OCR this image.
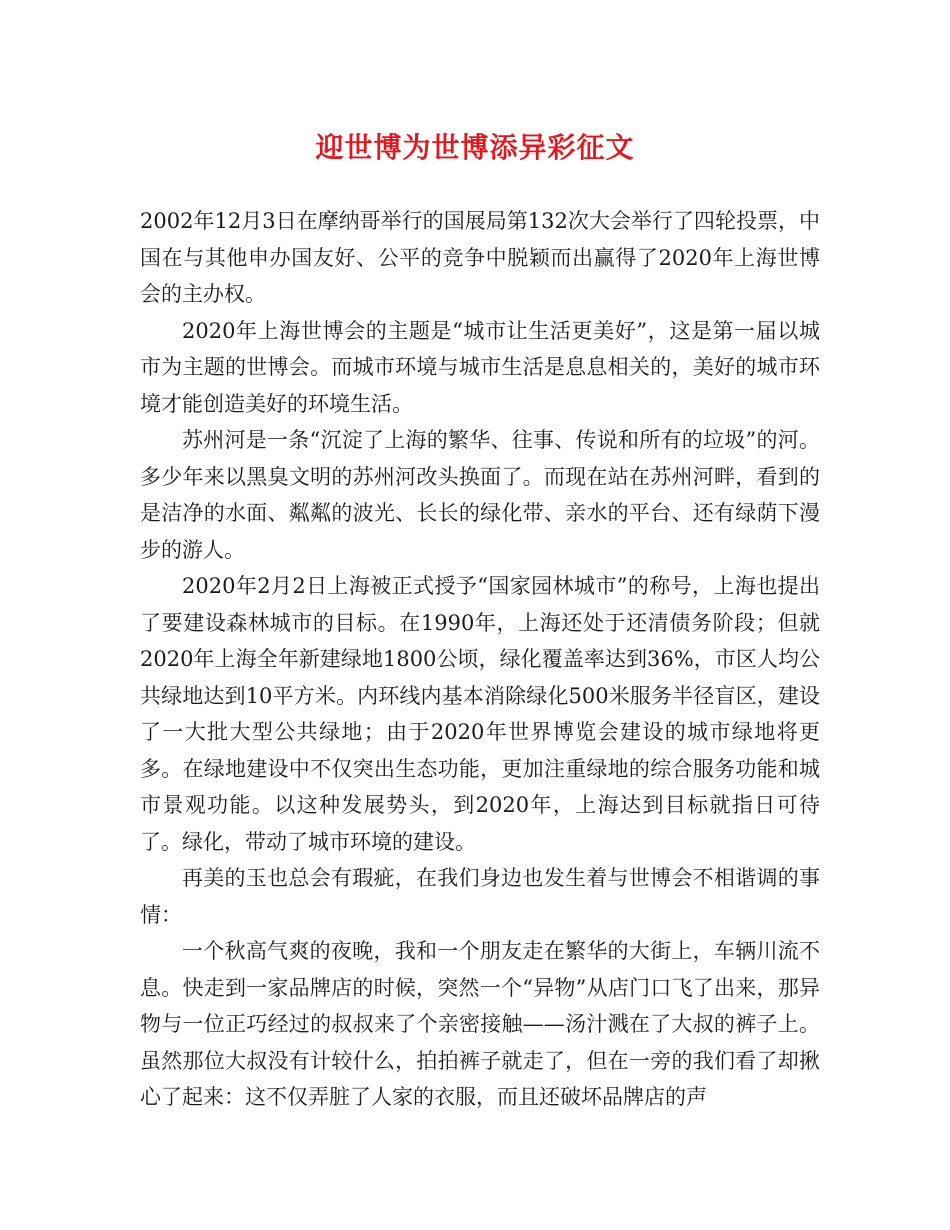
迎世博为世博添异彩征文

2002年12月3日在摩纳哥举行的国展局第132次大会举行了四轮投票，中国在与其他申办国友好、公平的竞争中脱颖而出赢得了2020年上海世博会的主办权。

2020年上海世博会的主题是“城市让生活更美好”，这是第一届以城市为主题的世博会。而城市环境与城市生活是息息相关的，美好的城市环境才能创造美好的环境生活。

苏州河是一条“沉淀了上海的繁华、往事、传说和所有的垃圾”的河。多少年来以黑臭文明的苏州河改头换面了。而现在站在苏州河畔，看到的是洁净的水面、粼粼的波光、长长的绿化带、亲水的平台、还有绿荫下漫步的游人。

2020年2月2日上海被正式授予“国家园林城市”的称号，上海也提出了要建设森林城市的目标。在1990年，上海还处于还清债务阶段；但就2020年上海全年新建绿地1800公顷，绿化覆盖率达到36%，市区人均公共绿地达到10平方米。内环线内基本消除绿化500米服务半径盲区，建设了一大批大型公共绿地；由于2020年世界博览会建设的城市绿地将更多。在绿地建设中不仅突出生态功能，更加注重绿地的综合服务功能和城市景观功能。以这种发展势头，到2020年，上海达到目标就指日可待了。绿化，带动了城市环境的建设。

再美的玉也总会有瑕疵，在我们身边也发生着与世博会不相谐调的事情：

一个秋高气爽的夜晚，我和一个朋友走在繁华的大街上，车辆川流不息。快走到一家品牌店的时候，突然一个“异物”从店门口飞了出来，那异物与一位正巧经过的叔叔来了个亲密接触——汤汁溅在了大叔的裤子上。虽然那位大叔没有计较什么，拍拍裤子就走了，但在一旁的我们看了却揪心了起来：这不仅弄脏了人家的衣服，而且还破坏品牌店的声
